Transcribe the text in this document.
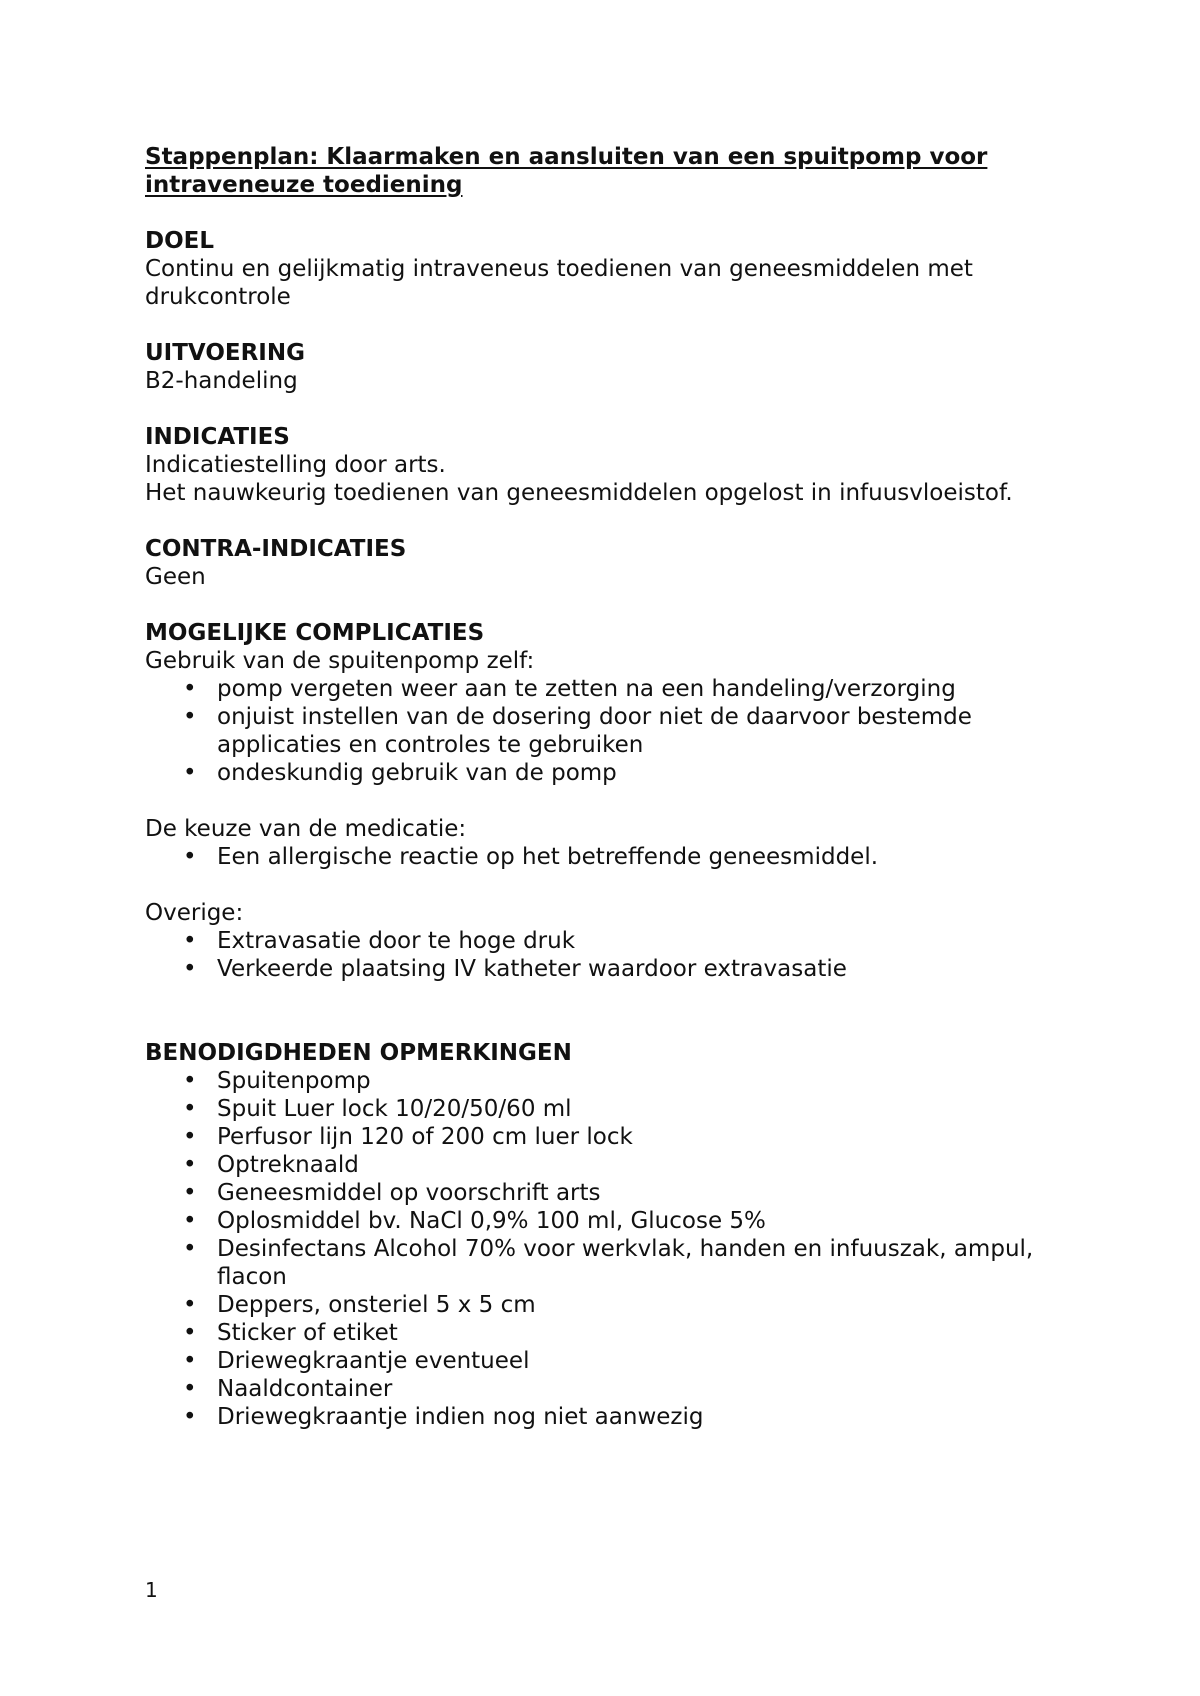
Stappenplan: Klaarmaken en aansluiten van een spuitpomp voor intraveneuze toediening
DOEL

Continu en gelijkmatig intraveneus toedienen van geneesmiddelen met drukcontrole

UITVOERING

B2-handeling

INDICATIES

Indicatiestelling door arts.

Het nauwkeurig toedienen van geneesmiddelen opgelost in infuusvloeistof.

CONTRA-INDICATIES

Geen

MOGELIJKE COMPLICATIES

Gebruik van de spuitenpomp zelf:

• pomp vergeten weer aan te zetten na een handeling/verzorging
• onjuist instellen van de dosering door niet de daarvoor bestemde applicaties en controles te gebruiken
• ondeskundig gebruik van de pomp

De keuze van de medicatie:

• Een allergische reactie op het betreffende geneesmiddel.

Overige:

• Extravasatie door te hoge druk
• Verkeerde plaatsing IV katheter waardoor extravasatie
BENODIGDHEDEN OPMERKINGEN
• Spuitenpomp
• Spuit Luer lock 10/20/50/60 ml
• Perfusor lijn 120 of 200 cm luer lock
• Optreknaald
• Geneesmiddel op voorschrift arts
• Oplosmiddel bv. NaCl 0,9% 100 ml, Glucose 5%
• Desinfectans Alcohol 70% voor werkvlak, handen en infuuszak, ampul, flacon
• Deppers, onsteriel 5 x 5 cm
• Sticker of etiket
• Driewegkraantje eventueel
• Naaldcontainer
• Driewegkraantje indien nog niet aanwezig
1
